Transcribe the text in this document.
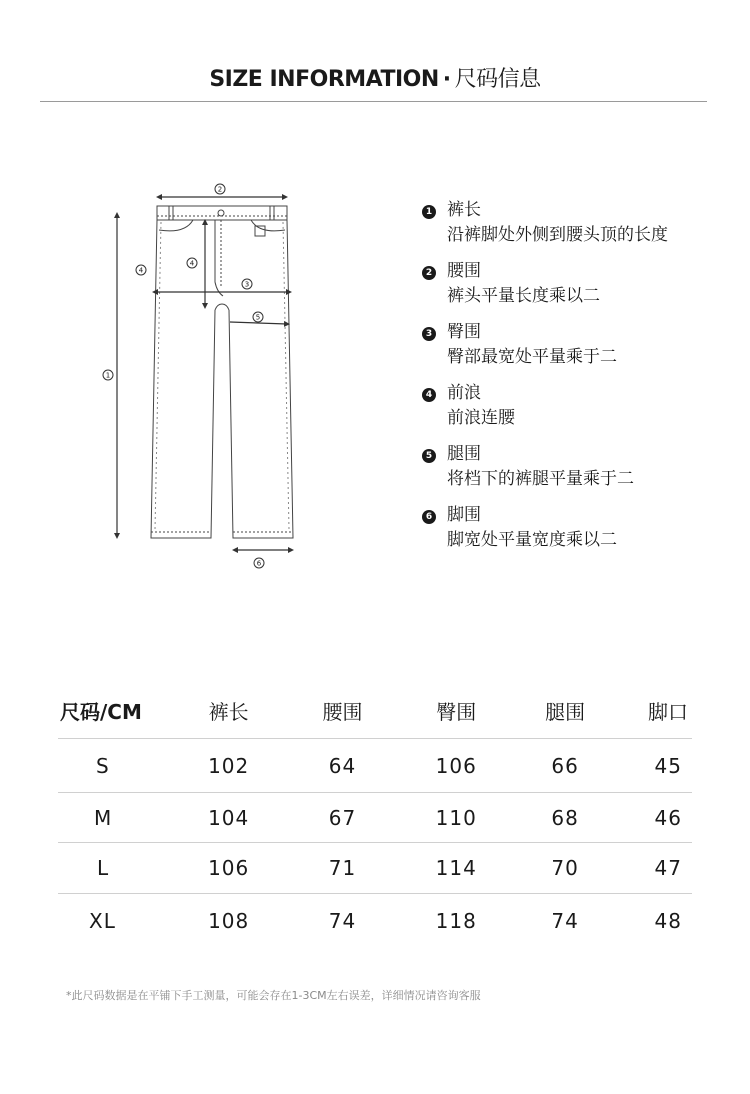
SIZE INFORMATION · 尺码信息
2
1
4
4
3
5
6
1 裤长
沿裤脚处外侧到腰头顶的长度
2 腰围
裤头平量长度乘以二
3 臀围
臀部最宽处平量乘于二
4 前浪
前浪连腰
5 腿围
将档下的裤腿平量乘于二
6 脚围
脚宽处平量宽度乘以二
尺码/CM	裤长	腰围	臀围	腿围	脚口
S	102	64	106	66	45
M	104	67	110	68	46
L	106	71	114	70	47
XL	108	74	118	74	48
*此尺码数据是在平铺下手工测量，可能会存在1-3CM左右误差，详细情况请咨询客服
